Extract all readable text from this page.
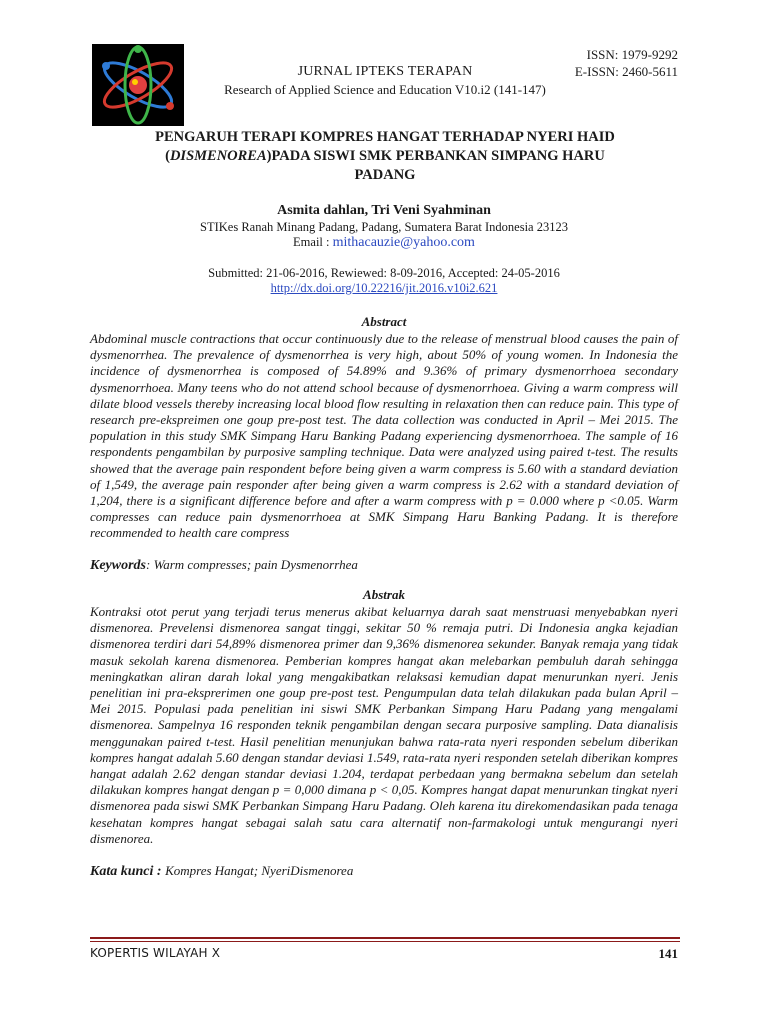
ISSN: 1979-9292
E-ISSN: 2460-5611
JURNAL IPTEKS TERAPAN
Research of Applied Science and Education V10.i2 (141-147)
PENGARUH TERAPI KOMPRES HANGAT TERHADAP NYERI HAID
(DISMENOREA)PADA SISWI SMK PERBANKAN SIMPANG HARU
PADANG
Asmita dahlan, Tri Veni Syahminan
STIKes Ranah Minang Padang, Padang, Sumatera Barat Indonesia 23123
Email : mithacauzie@yahoo.com
Submitted: 21-06-2016, Rewiewed: 8-09-2016, Accepted: 24-05-2016
http://dx.doi.org/10.22216/jit.2016.v10i2.621
Abstract
Abdominal muscle contractions that occur continuously due to the release of menstrual blood causes the pain of dysmenorrhea. The prevalence of dysmenorrhea is very high, about 50% of young women. In Indonesia the incidence of dysmenorrhea is composed of 54.89% and 9.36% of primary dysmenorrhoea secondary dysmenorrhoea. Many teens who do not attend school because of dysmenorrhoea. Giving a warm compress will dilate blood vessels thereby increasing local blood flow resulting in relaxation then can reduce pain. This type of research pre-ekspreimen one goup pre-post test. The data collection was conducted in April – Mei 2015. The population in this study SMK Simpang Haru Banking Padang experiencing dysmenorrhoea. The sample of 16 respondents pengambilan by purposive sampling technique. Data were analyzed using paired t-test. The results showed that the average pain respondent before being given a warm compress is 5.60 with a standard deviation of 1,549, the average pain responder after being given a warm compress is 2.62 with a standard deviation of 1,204, there is a significant difference before and after a warm compress with p = 0.000 where p <0.05. Warm compresses can reduce pain dysmenorrhoea at SMK Simpang Haru Banking Padang. It is therefore recommended to health care compress
Keywords: Warm compresses; pain Dysmenorrhea
Abstrak
Kontraksi otot perut yang terjadi terus menerus akibat keluarnya darah saat menstruasi menyebabkan nyeri dismenorea. Prevelensi dismenorea sangat tinggi, sekitar 50 % remaja putri. Di Indonesia angka kejadian dismenorea terdiri dari 54,89% dismenorea primer dan 9,36% dismenorea sekunder. Banyak remaja yang tidak masuk sekolah karena dismenorea. Pemberian kompres hangat akan melebarkan pembuluh darah sehingga meningkatkan aliran darah lokal yang mengakibatkan relaksasi kemudian dapat menurunkan nyeri. Jenis penelitian ini pra-eksprerimen one goup pre-post test. Pengumpulan data telah dilakukan pada bulan April – Mei 2015. Populasi pada penelitian ini siswi SMK Perbankan Simpang Haru Padang yang mengalami dismenorea. Sampelnya 16 responden teknik pengambilan dengan secara purposive sampling. Data dianalisis menggunakan paired t-test. Hasil penelitian menunjukan bahwa rata-rata nyeri responden sebelum diberikan kompres hangat adalah 5.60 dengan standar deviasi 1.549, rata-rata nyeri responden setelah diberikan kompres hangat adalah 2.62 dengan standar deviasi 1.204, terdapat perbedaan yang bermakna sebelum dan setelah dilakukan kompres hangat dengan p = 0,000 dimana p < 0,05. Kompres hangat dapat menurunkan tingkat nyeri dismenorea pada siswi SMK Perbankan Simpang Haru Padang. Oleh karena itu direkomendasikan pada tenaga kesehatan kompres hangat sebagai salah satu cara alternatif non-farmakologi untuk mengurangi nyeri dismenorea.
Kata kunci : Kompres Hangat; NyeriDismenorea
KOPERTIS WILAYAH X	141
